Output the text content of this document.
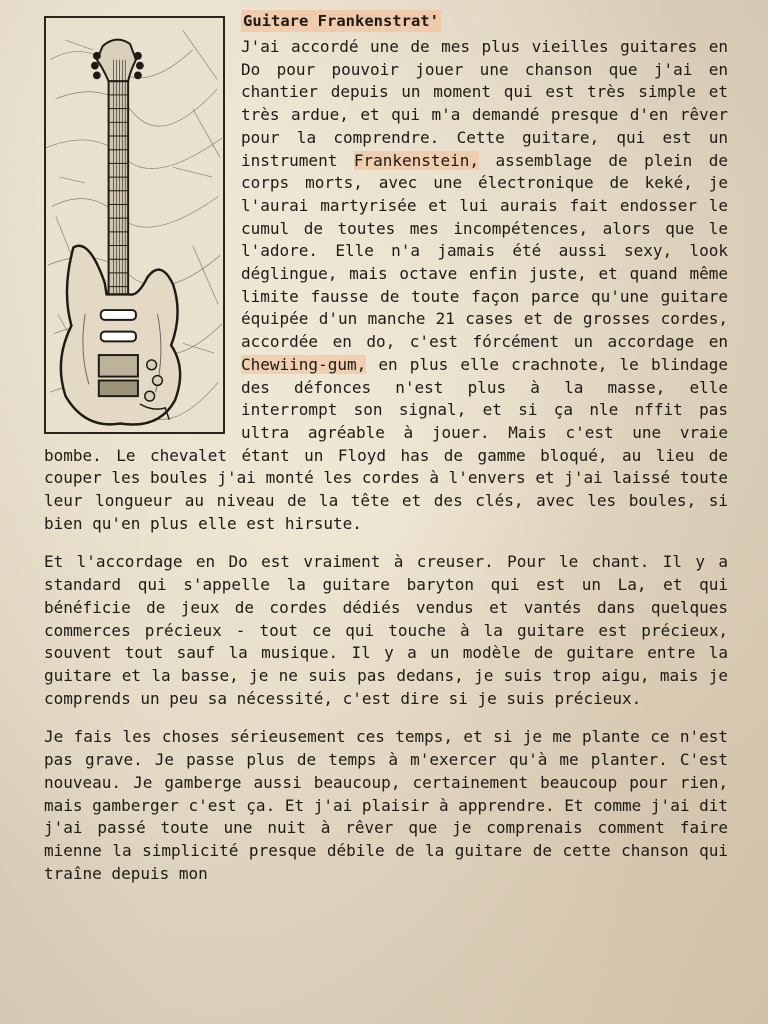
Guitare Frankenstrat'

J'ai accordé une de mes plus vieilles guitares en Do pour pouvoir jouer une chanson que j'ai en chantier depuis un moment qui est très simple et très ardue, et qui m'a demandé presque d'en rêver pour la comprendre. Cette guitare, qui est un instrument Frankenstein, assemblage de plein de corps morts, avec une électronique de keké, je l'aurai martyrisée et lui aurais fait endosser le cumul de toutes mes incompétences, alors que le l'adore. Elle n'a jamais été aussi sexy, look déglingue, mais octave enfin juste, et quand même limite fausse de toute façon parce qu'une guitare équipée d'un manche 21 cases et de grosses cordes, accordée en do, c'est fórcément un accordage en Chewiing-gum, en plus elle crachnote, le blindage des défonces n'est plus à la masse, elle interrompt son signal, et si ça nle nffit pas ultra agréable à jouer. Mais c'est une vraie bombe. Le chevalet étant un Floyd has de gamme bloqué, au lieu de couper les boules j'ai monté les cordes à l'envers et j'ai laissé toute leur longueur au niveau de la tête et des clés, avec les boules, si bien qu'en plus elle est hirsute.

Et l'accordage en Do est vraiment à creuser. Pour le chant. Il y a standard qui s'appelle la guitare baryton qui est un La, et qui bénéficie de jeux de cordes dédiés vendus et vantés dans quelques commerces précieux - tout ce qui touche à la guitare est précieux, souvent tout sauf la musique. Il y a un modèle de guitare entre la guitare et la basse, je ne suis pas dedans, je suis trop aigu, mais je comprends un peu sa nécessité, c'est dire si je suis précieux.

Je fais les choses sérieusement ces temps, et si je me plante ce n'est pas grave. Je passe plus de temps à m'exercer qu'à me planter. C'est nouveau. Je gamberge aussi beaucoup, certainement beaucoup pour rien, mais gamberger c'est ça. Et j'ai plaisir à apprendre. Et comme j'ai dit j'ai passé toute une nuit à rêver que je comprenais comment faire mienne la simplicité presque débile de la guitare de cette chanson qui traîne depuis mon
